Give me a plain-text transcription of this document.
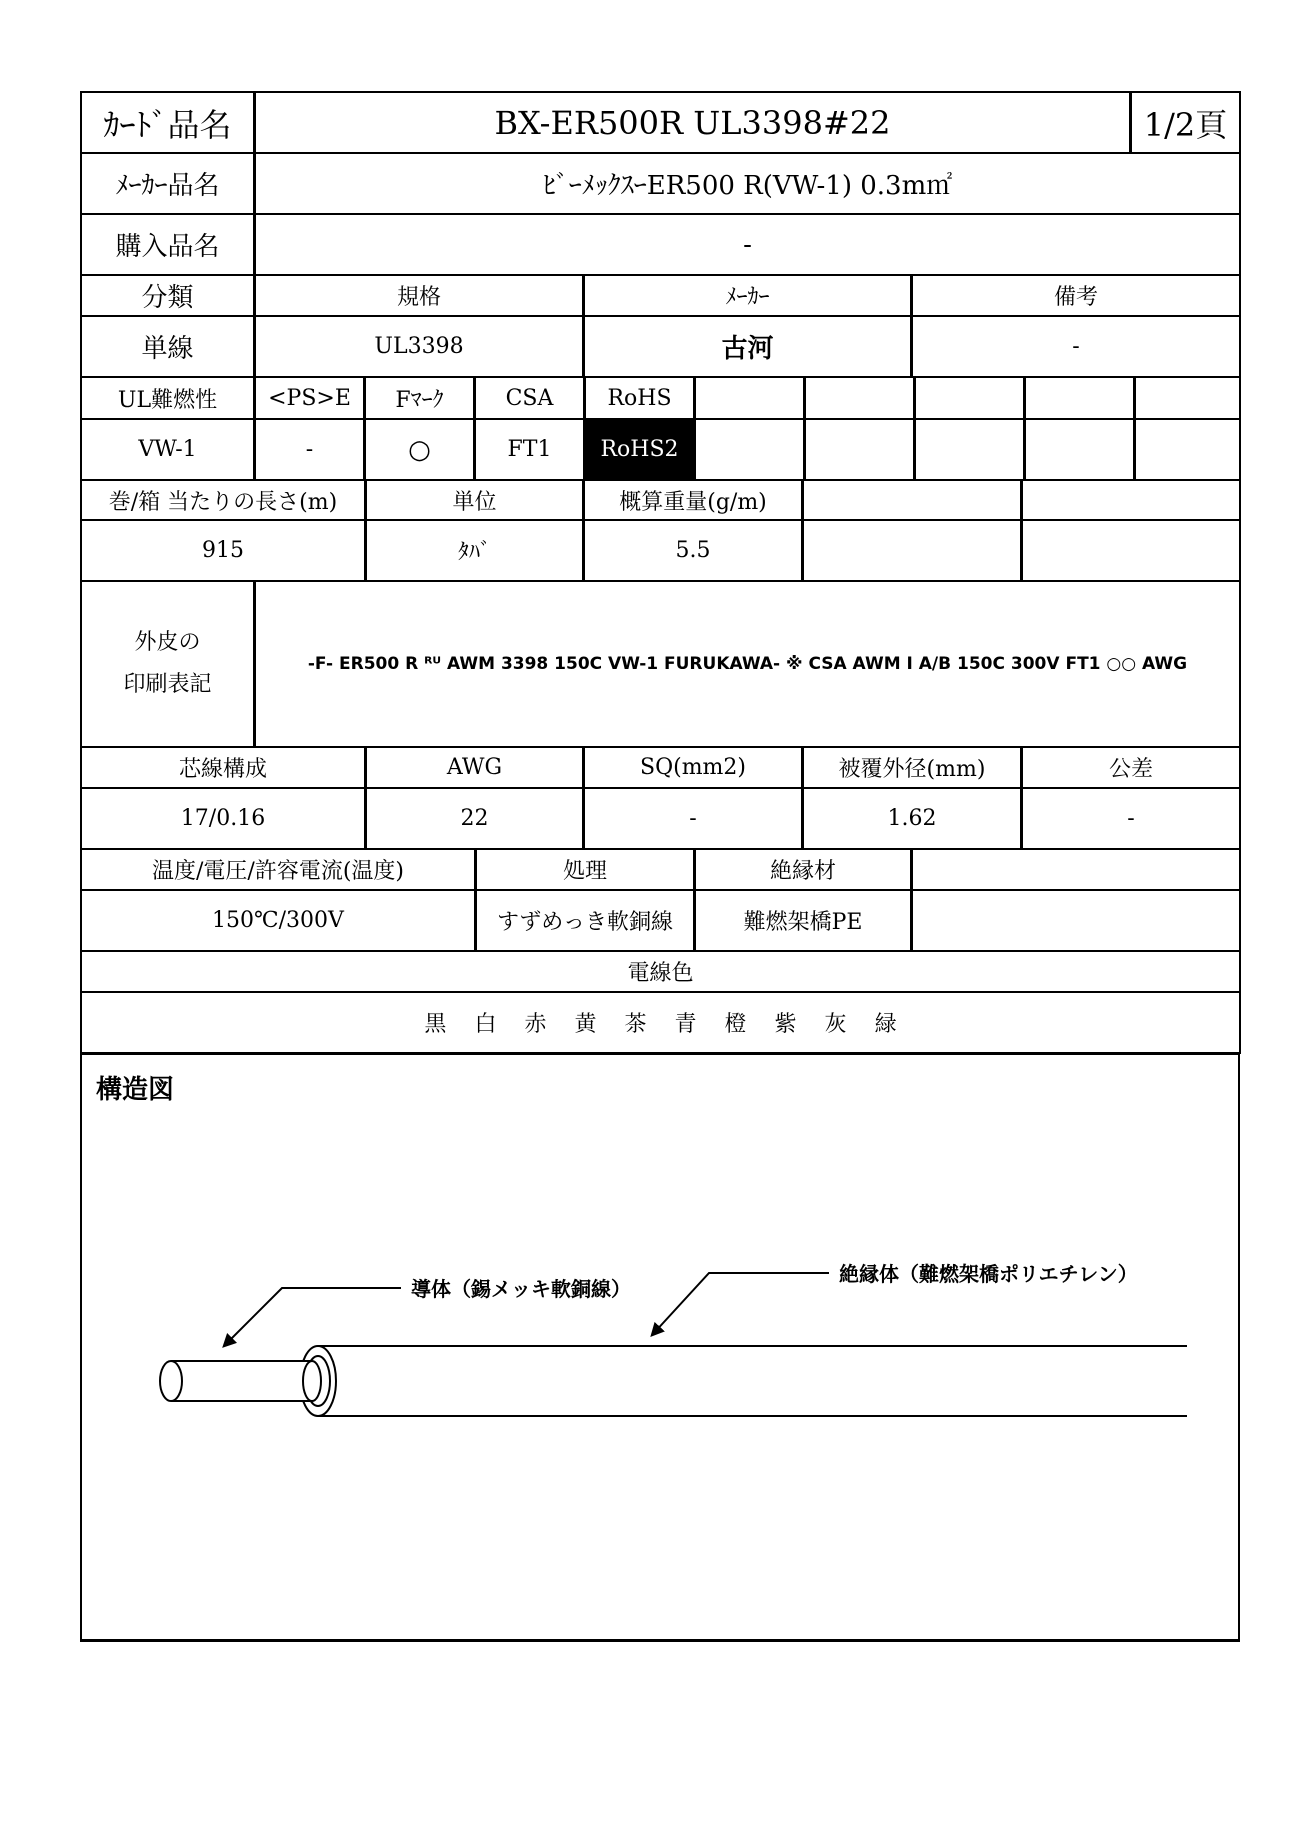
ｶｰﾄﾞ品名	BX-ER500R UL3398#22	1/2頁
ﾒｰｶｰ品名	ﾋﾞｰﾒｯｸｽｰER500 R(VW-1) 0.3m㎡
購入品名	-
分類	規格	ﾒｰｶｰ	備考
単線	UL3398	古河	-
UL難燃性	<PS>E	Fﾏｰｸ	CSA	RoHS
VW-1	-	○	FT1	RoHS2
巻/箱 当たりの長さ(m)	単位	概算重量(g/m)
915	ﾀﾊﾞ	5.5
外皮の
印刷表記
-F- ER500 R ᴿᵁ AWM 3398 150C VW-1 FURUKAWA- ※ CSA AWM I A/B 150C 300V FT1 ○○ AWG
芯線構成	AWG	SQ(mm2)	被覆外径(mm)	公差
17/0.16	22	-	1.62	-
温度/電圧/許容電流(温度)	処理	絶縁材
150℃/300V	すずめっき軟銅線	難燃架橋PE
電線色
黒 白 赤 黄 茶 青 橙 紫 灰 緑
構造図
導体（錫メッキ軟銅線）
絶縁体（難燃架橋ポリエチレン）
